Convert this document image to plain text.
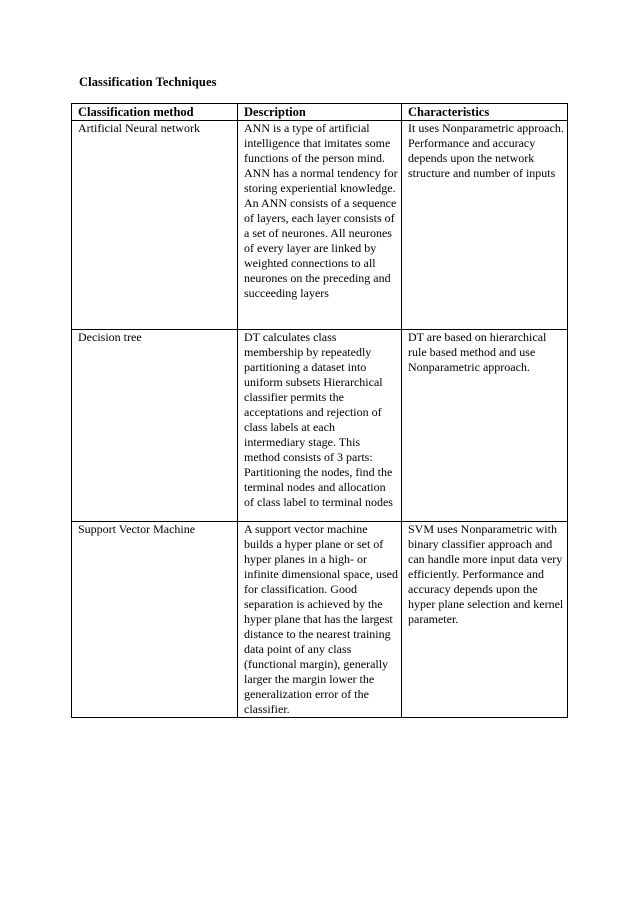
Classification Techniques
Classification method	Description	Characteristics

Artificial Neural network	ANN is a type of artificial intelligence that imitates some functions of the person mind. ANN has a normal tendency for storing experiential knowledge. An ANN consists of a sequence of layers, each layer consists of a set of neurones. All neurones of every layer are linked by weighted connections to all neurones on the preceding and succeeding layers	It uses Nonparametric approach. Performance and accuracy depends upon the network structure and number of inputs

Decision tree	DT calculates class membership by repeatedly partitioning a dataset into uniform subsets Hierarchical classifier permits the acceptations and rejection of class labels at each intermediary stage. This method consists of 3 parts: Partitioning the nodes, find the terminal nodes and allocation of class label to terminal nodes	DT are based on hierarchical rule based method and use Nonparametric approach.

Support Vector Machine	A support vector machine builds a hyper plane or set of hyper planes in a high- or infinite dimensional space, used for classification. Good separation is achieved by the hyper plane that has the largest distance to the nearest training data point of any class (functional margin), generally larger the margin lower the generalization error of the classifier.	SVM uses Nonparametric with binary classifier approach and can handle more input data very efficiently. Performance and accuracy depends upon the hyper plane selection and kernel parameter.
